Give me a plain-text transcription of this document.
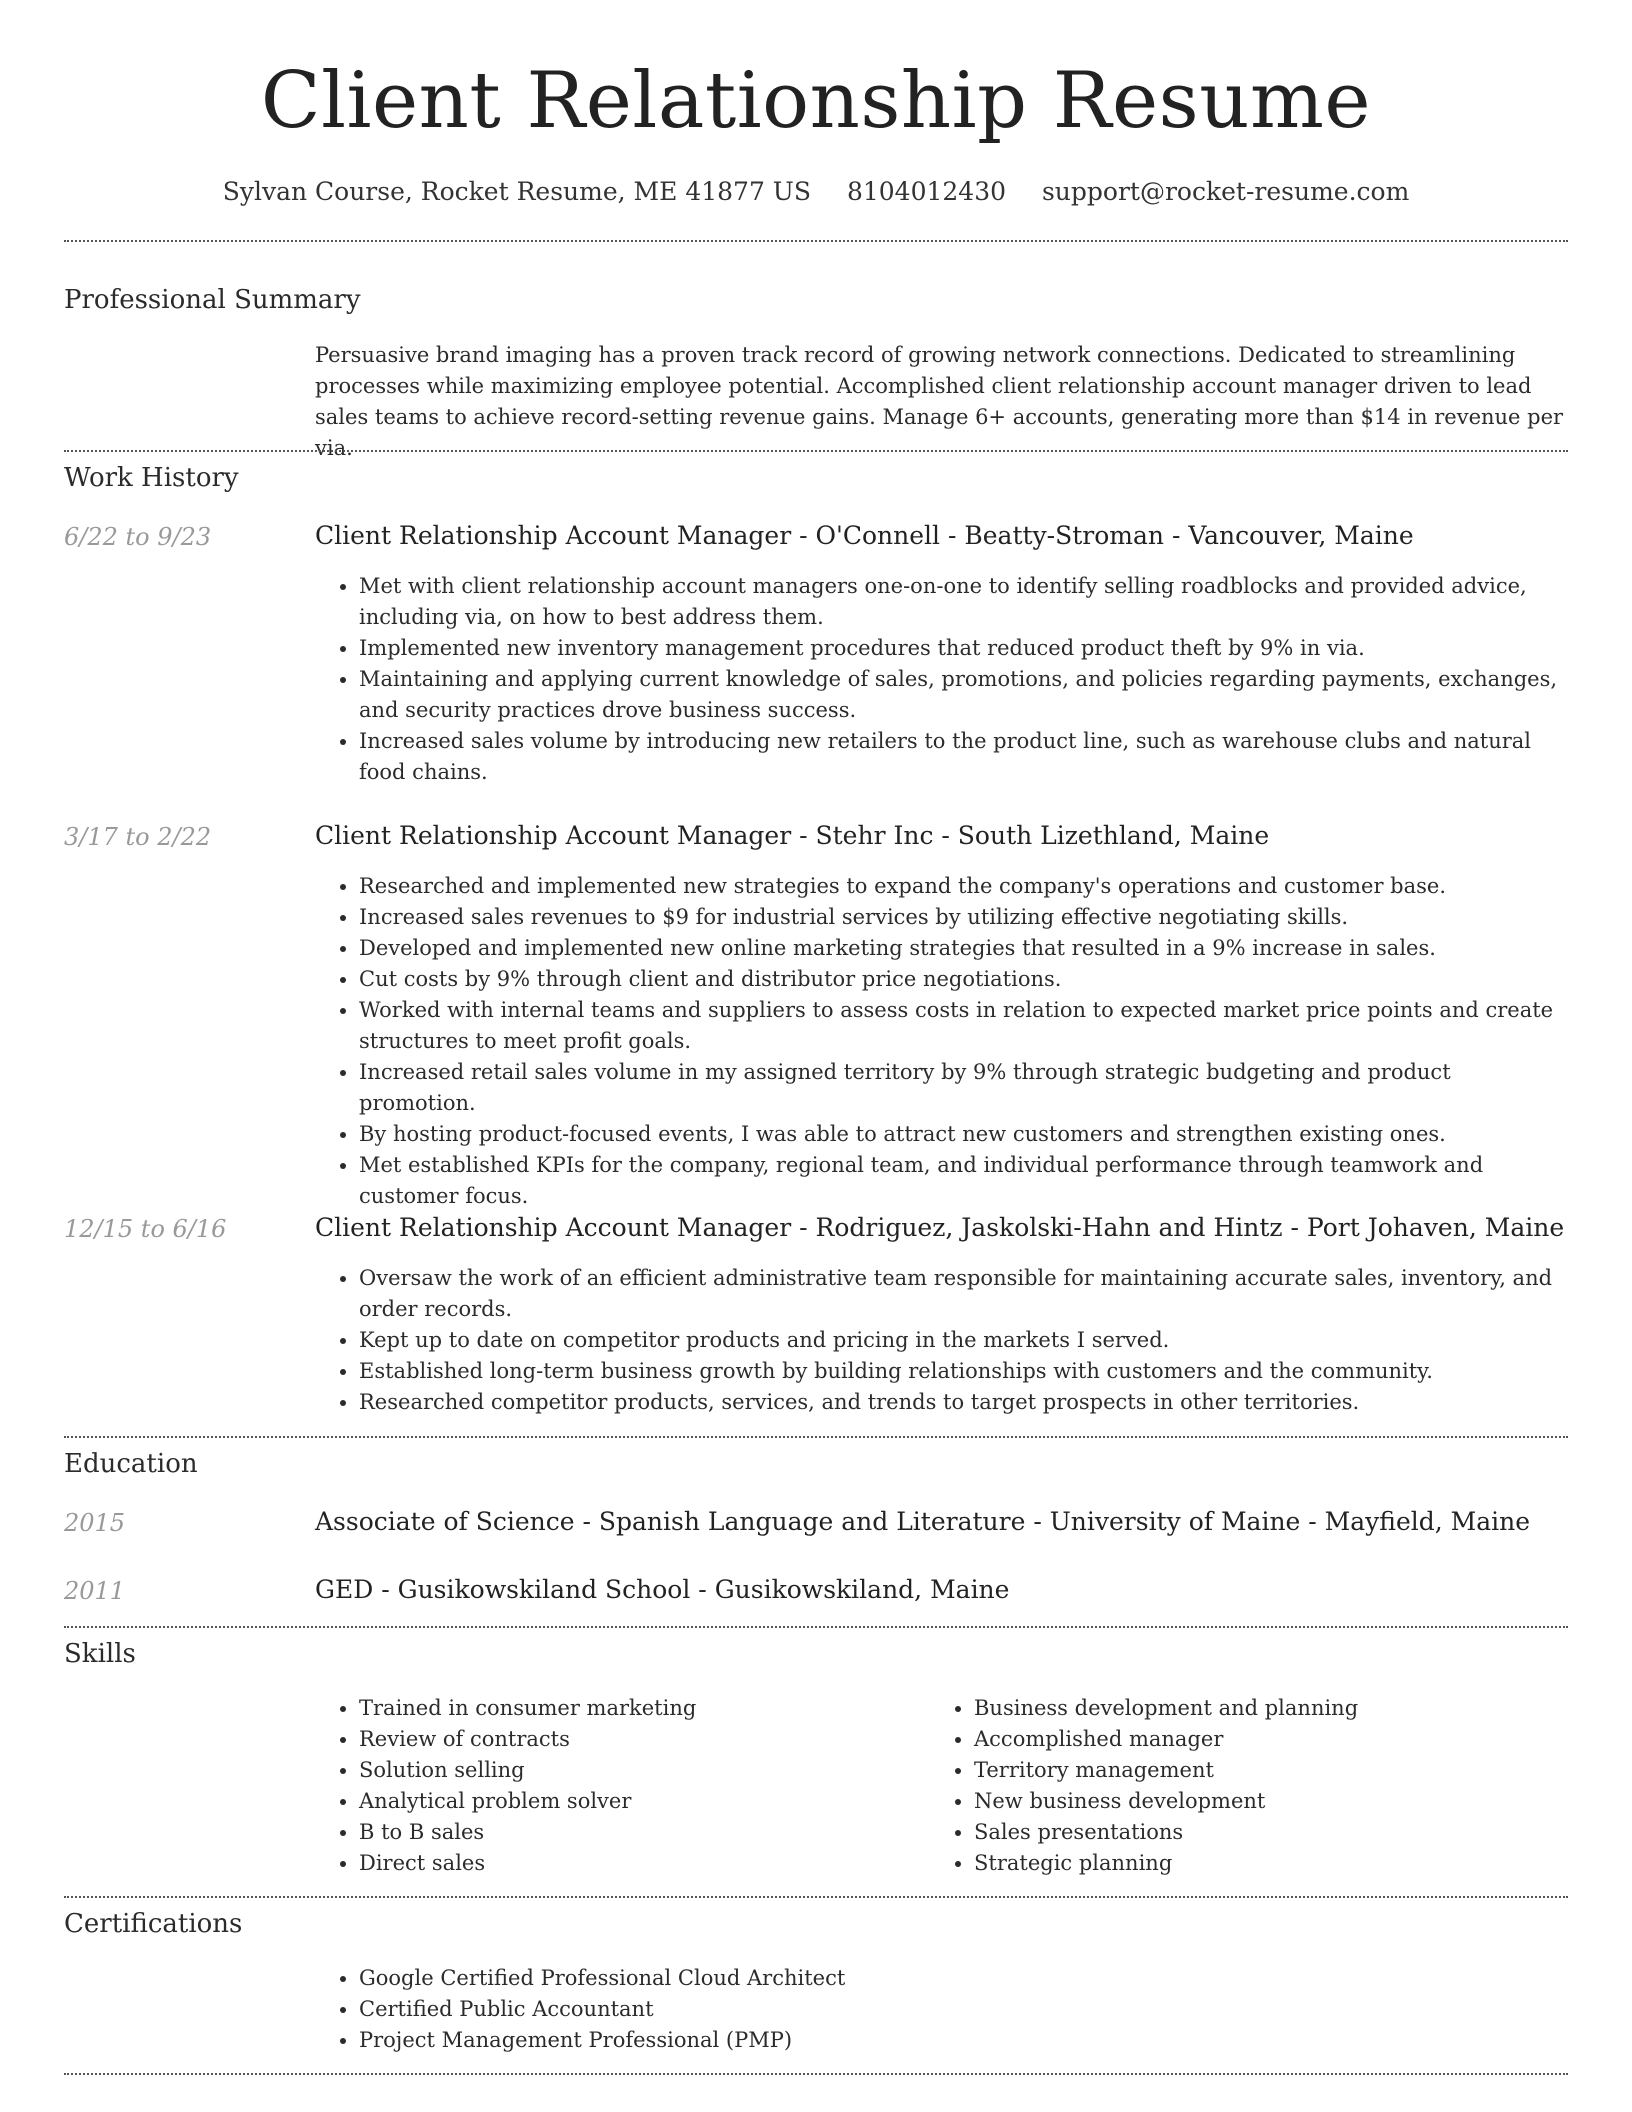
Client Relationship Resume
Sylvan Course, Rocket Resume, ME 41877 US 8104012430 support@rocket-resume.com
Professional Summary
Persuasive brand imaging has a proven track record of growing network connections. Dedicated to streamlining processes while maximizing employee potential. Accomplished client relationship account manager driven to lead sales teams to achieve record-setting revenue gains. Manage 6+ accounts, generating more than $14 in revenue per via.
Work History
6/22 to 9/23	Client Relationship Account Manager - O'Connell - Beatty-Stroman - Vancouver, Maine
• Met with client relationship account managers one-on-one to identify selling roadblocks and provided advice, including via, on how to best address them.
• Implemented new inventory management procedures that reduced product theft by 9% in via.
• Maintaining and applying current knowledge of sales, promotions, and policies regarding payments, exchanges, and security practices drove business success.
• Increased sales volume by introducing new retailers to the product line, such as warehouse clubs and natural food chains.
3/17 to 2/22	Client Relationship Account Manager - Stehr Inc - South Lizethland, Maine
• Researched and implemented new strategies to expand the company's operations and customer base.
• Increased sales revenues to $9 for industrial services by utilizing effective negotiating skills.
• Developed and implemented new online marketing strategies that resulted in a 9% increase in sales.
• Cut costs by 9% through client and distributor price negotiations.
• Worked with internal teams and suppliers to assess costs in relation to expected market price points and create structures to meet profit goals.
• Increased retail sales volume in my assigned territory by 9% through strategic budgeting and product promotion.
• By hosting product-focused events, I was able to attract new customers and strengthen existing ones.
• Met established KPIs for the company, regional team, and individual performance through teamwork and customer focus.
12/15 to 6/16	Client Relationship Account Manager - Rodriguez, Jaskolski-Hahn and Hintz - Port Johaven, Maine
• Oversaw the work of an efficient administrative team responsible for maintaining accurate sales, inventory, and order records.
• Kept up to date on competitor products and pricing in the markets I served.
• Established long-term business growth by building relationships with customers and the community.
• Researched competitor products, services, and trends to target prospects in other territories.
Education
2015	Associate of Science - Spanish Language and Literature - University of Maine - Mayfield, Maine
2011	GED - Gusikowskiland School - Gusikowskiland, Maine
Skills
• Trained in consumer marketing
• Review of contracts
• Solution selling
• Analytical problem solver
• B to B sales
• Direct sales
• Business development and planning
• Accomplished manager
• Territory management
• New business development
• Sales presentations
• Strategic planning
Certifications
• Google Certified Professional Cloud Architect
• Certified Public Accountant
• Project Management Professional (PMP)
